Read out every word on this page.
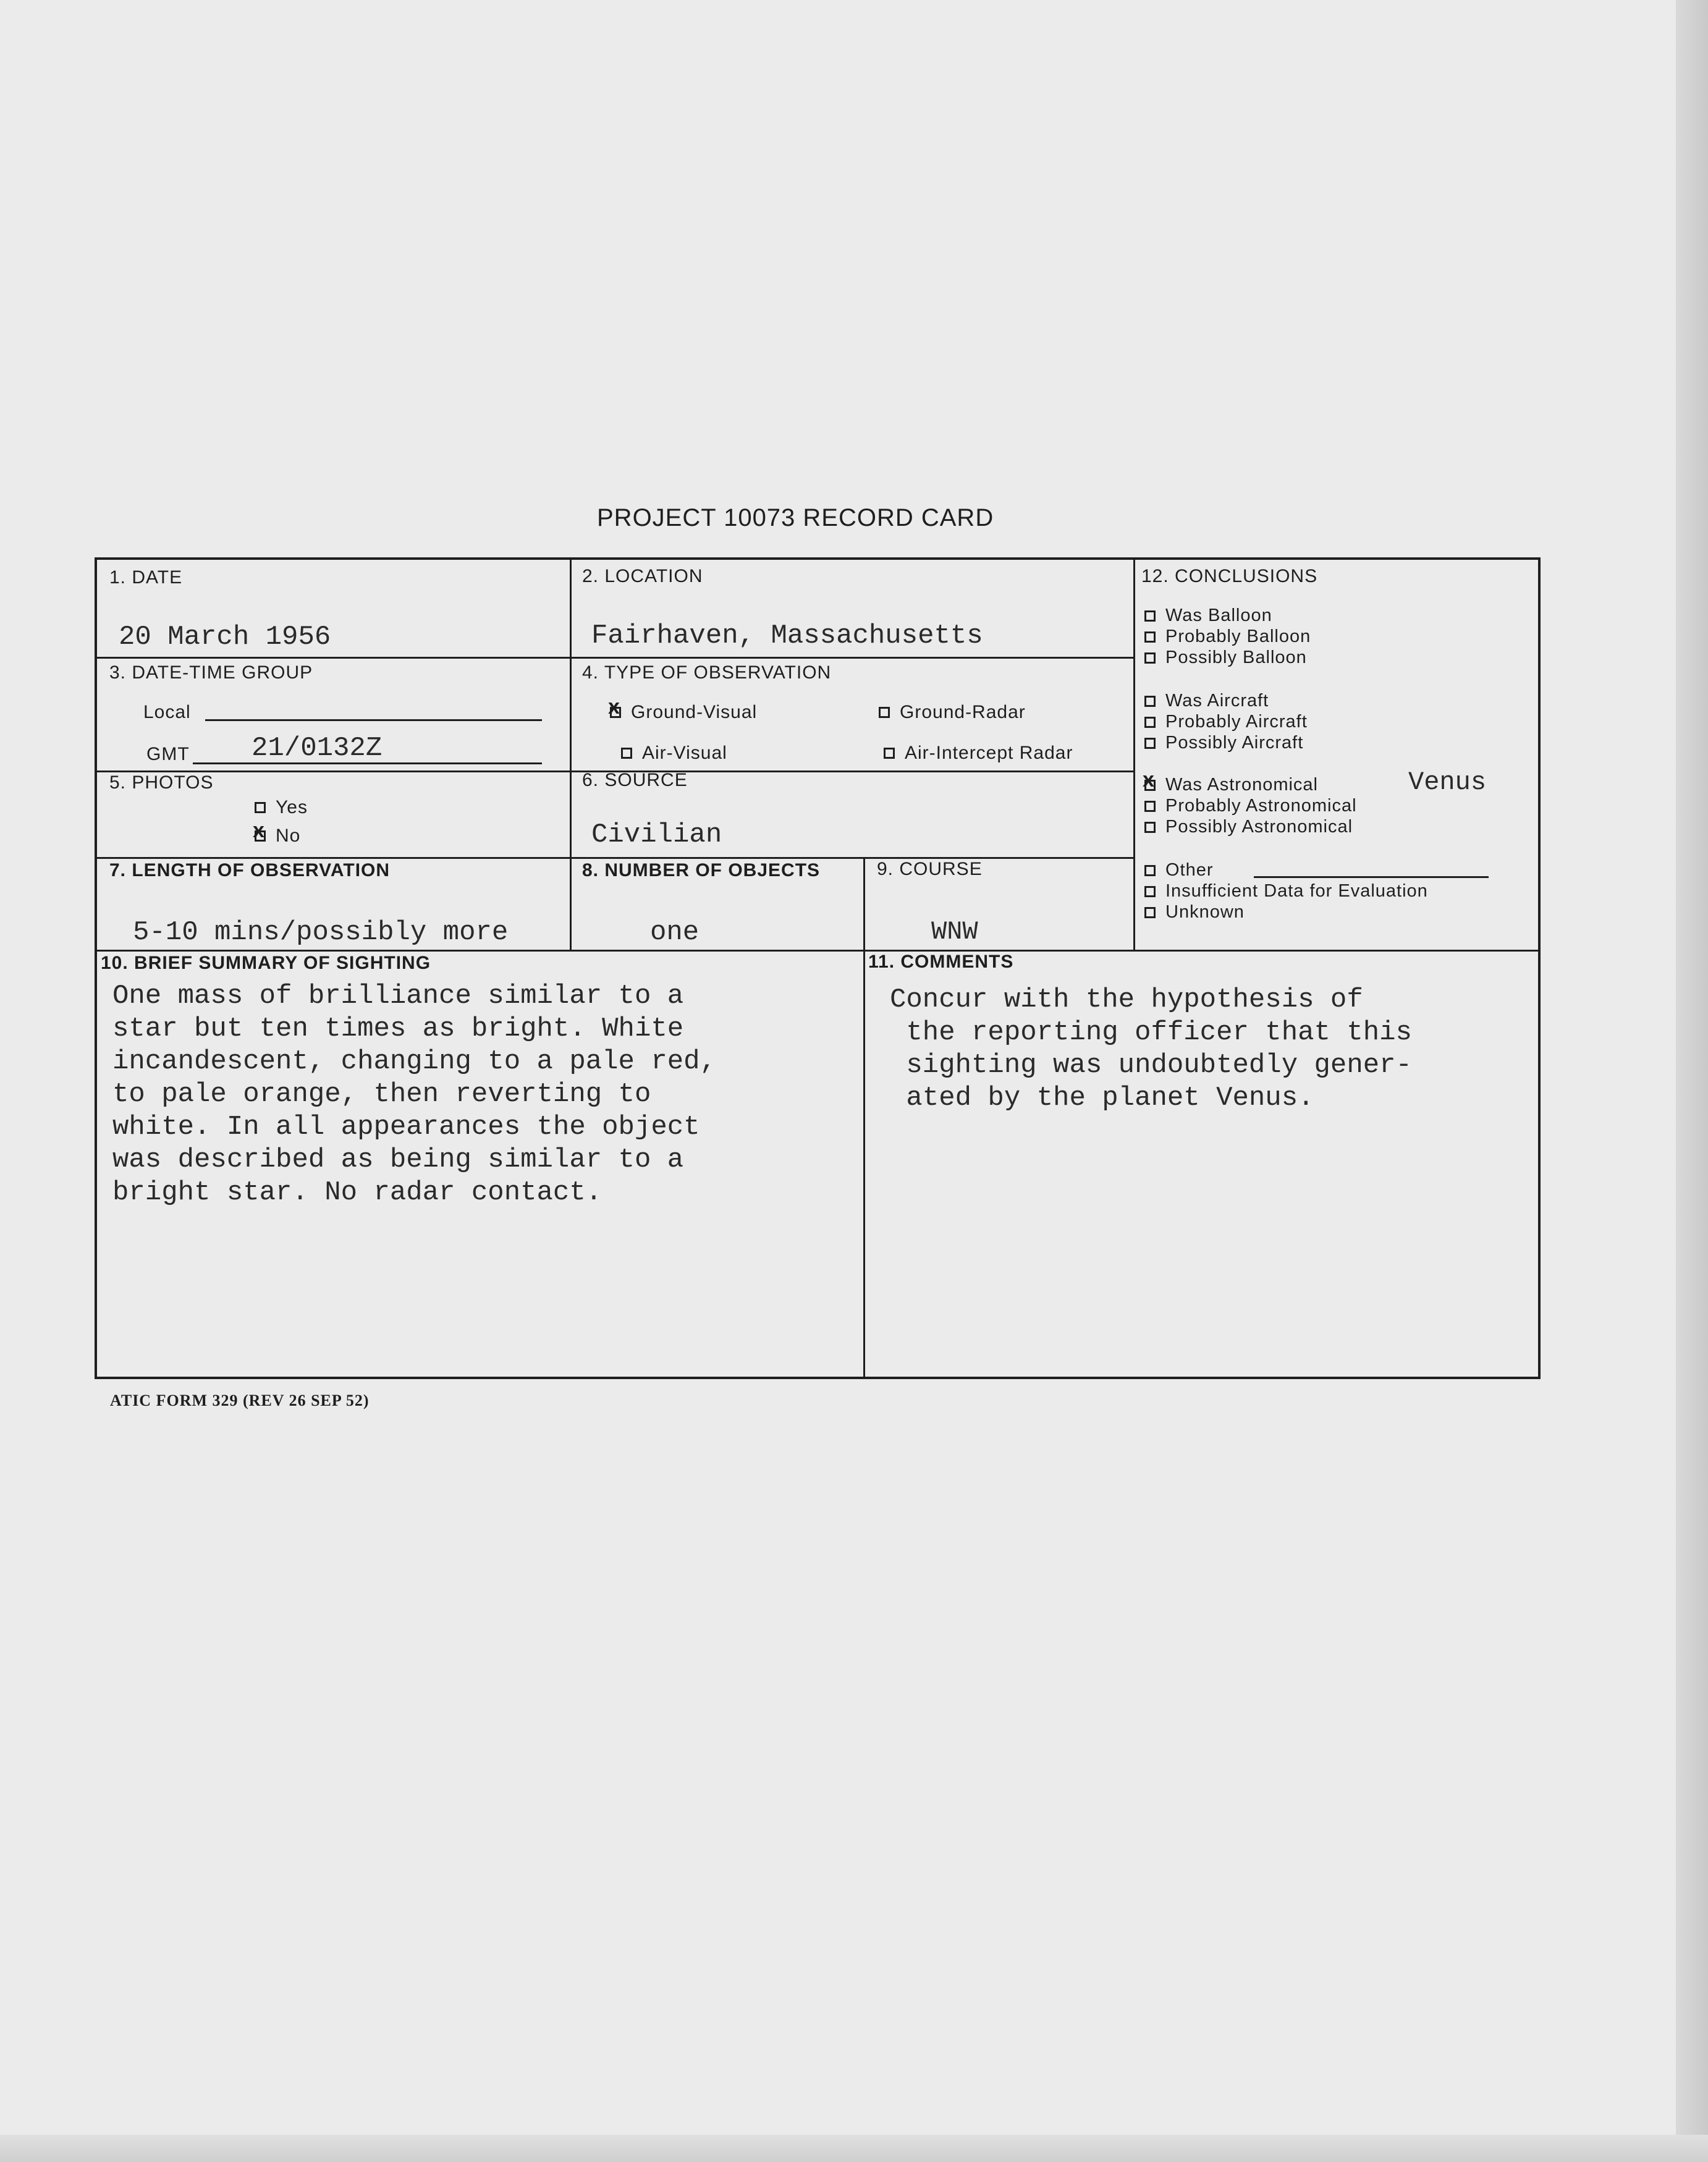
PROJECT 10073 RECORD CARD
1. DATE
20 March 1956
2. LOCATION
Fairhaven, Massachusetts
3. DATE-TIME GROUP
Local
GMT 21/0132Z
4. TYPE OF OBSERVATION
x
Ground-Visual	Ground-Radar
Air-Visual	Air-Intercept Radar
5. PHOTOS
Yes
x
No
6. SOURCE
Civilian
7. LENGTH OF OBSERVATION
5-10 mins/possibly more
8. NUMBER OF OBJECTS
one
9. COURSE
WNW
10. BRIEF SUMMARY OF SIGHTING
One mass of brilliance similar to a
star but ten times as bright. White
incandescent, changing to a pale red,
to pale orange, then reverting to
white. In all appearances the object
was described as being similar to a
bright star. No radar contact.
11. COMMENTS
Concur with the hypothesis of
the reporting officer that this
sighting was undoubtedly gener-
ated by the planet Venus.
12. CONCLUSIONS
Was Balloon
Probably Balloon
Possibly Balloon
Was Aircraft
Probably Aircraft
Possibly Aircraft
x
Was Astronomical	Venus
Probably Astronomical
Possibly Astronomical
Other
Insufficient Data for Evaluation
Unknown
ATIC FORM 329 (REV 26 SEP 52)
